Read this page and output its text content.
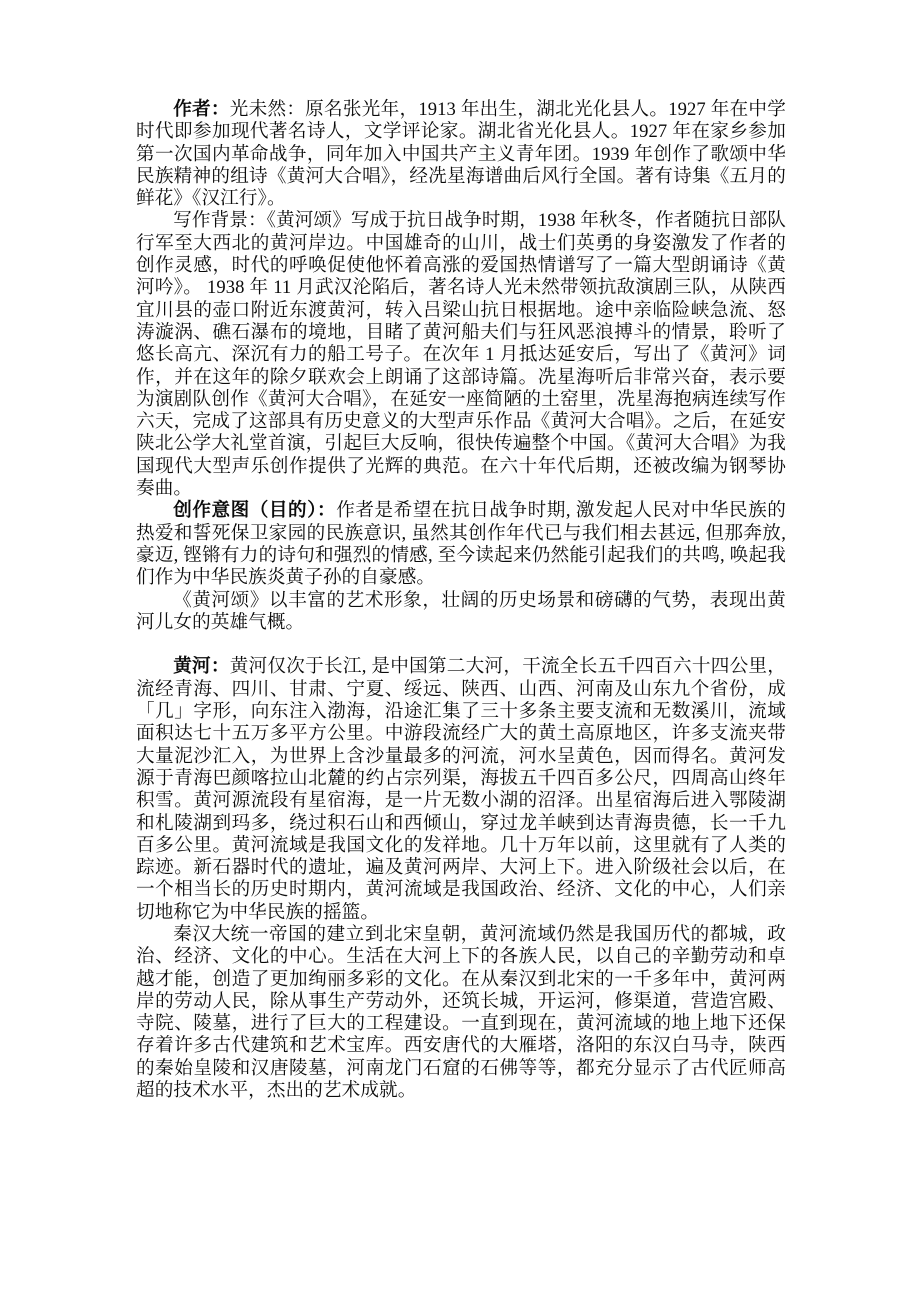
作者：光未然：原名张光年，1913 年出生，湖北光化县人。1927 年在中学时代即参加现代著名诗人，文学评论家。湖北省光化县人。1927 年在家乡参加第一次国内革命战争，同年加入中国共产主义青年团。1939 年创作了歌颂中华民族精神的组诗《黄河大合唱》，经冼星海谱曲后风行全国。著有诗集《五月的鲜花》《汉江行》。

写作背景：《黄河颂》写成于抗日战争时期，1938 年秋冬，作者随抗日部队行军至大西北的黄河岸边。中国雄奇的山川，战士们英勇的身姿激发了作者的创作灵感，时代的呼唤促使他怀着高涨的爱国热情谱写了一篇大型朗诵诗《黄河吟》。 1938 年 11 月武汉沦陷后，著名诗人光未然带领抗敌演剧三队，从陕西宜川县的壶口附近东渡黄河，转入吕梁山抗日根据地。途中亲临险峡急流、怒涛漩涡、礁石瀑布的境地，目睹了黄河船夫们与狂风恶浪搏斗的情景，聆听了悠长高亢、深沉有力的船工号子。在次年 1 月抵达延安后，写出了《黄河》词作，并在这年的除夕联欢会上朗诵了这部诗篇。冼星海听后非常兴奋，表示要为演剧队创作《黄河大合唱》，在延安一座简陋的土窑里，冼星海抱病连续写作六天，完成了这部具有历史意义的大型声乐作品《黄河大合唱》。之后，在延安陕北公学大礼堂首演，引起巨大反响，很快传遍整个中国。《黄河大合唱》为我国现代大型声乐创作提供了光辉的典范。在六十年代后期，还被改编为钢琴协奏曲。

创作意图（目的）：作者是希望在抗日战争时期, 激发起人民对中华民族的热爱和誓死保卫家园的民族意识, 虽然其创作年代已与我们相去甚远, 但那奔放, 豪迈, 铿锵有力的诗句和强烈的情感, 至今读起来仍然能引起我们的共鸣, 唤起我们作为中华民族炎黄子孙的自豪感。

《黄河颂》以丰富的艺术形象，壮阔的历史场景和磅礴的气势，表现出黄河儿女的英雄气概。

黄河：黄河仅次于长江, 是中国第二大河，干流全长五千四百六十四公里，流经青海、四川、甘肃、宁夏、绥远、陕西、山西、河南及山东九个省份，成「几」字形，向东注入渤海，沿途汇集了三十多条主要支流和无数溪川，流域面积达七十五万多平方公里。中游段流经广大的黄土高原地区，许多支流夹带大量泥沙汇入，为世界上含沙量最多的河流，河水呈黄色，因而得名。黄河发源于青海巴颜喀拉山北麓的约占宗列渠，海拔五千四百多公尺，四周高山终年积雪。黄河源流段有星宿海，是一片无数小湖的沼泽。出星宿海后进入鄂陵湖和札陵湖到玛多，绕过积石山和西倾山，穿过龙羊峡到达青海贵德，长一千九百多公里。黄河流域是我国文化的发祥地。几十万年以前，这里就有了人类的踪迹。新石器时代的遗址，遍及黄河两岸、大河上下。进入阶级社会以后，在一个相当长的历史时期内，黄河流域是我国政治、经济、文化的中心，人们亲切地称它为中华民族的摇篮。

秦汉大统一帝国的建立到北宋皇朝，黄河流域仍然是我国历代的都城，政治、经济、文化的中心。生活在大河上下的各族人民，以自己的辛勤劳动和卓越才能，创造了更加绚丽多彩的文化。在从秦汉到北宋的一千多年中，黄河两岸的劳动人民，除从事生产劳动外，还筑长城，开运河，修渠道，营造宫殿、寺院、陵墓，进行了巨大的工程建设。一直到现在，黄河流域的地上地下还保存着许多古代建筑和艺术宝库。西安唐代的大雁塔，洛阳的东汉白马寺，陕西的秦始皇陵和汉唐陵墓，河南龙门石窟的石佛等等，都充分显示了古代匠师高超的技术水平，杰出的艺术成就。
